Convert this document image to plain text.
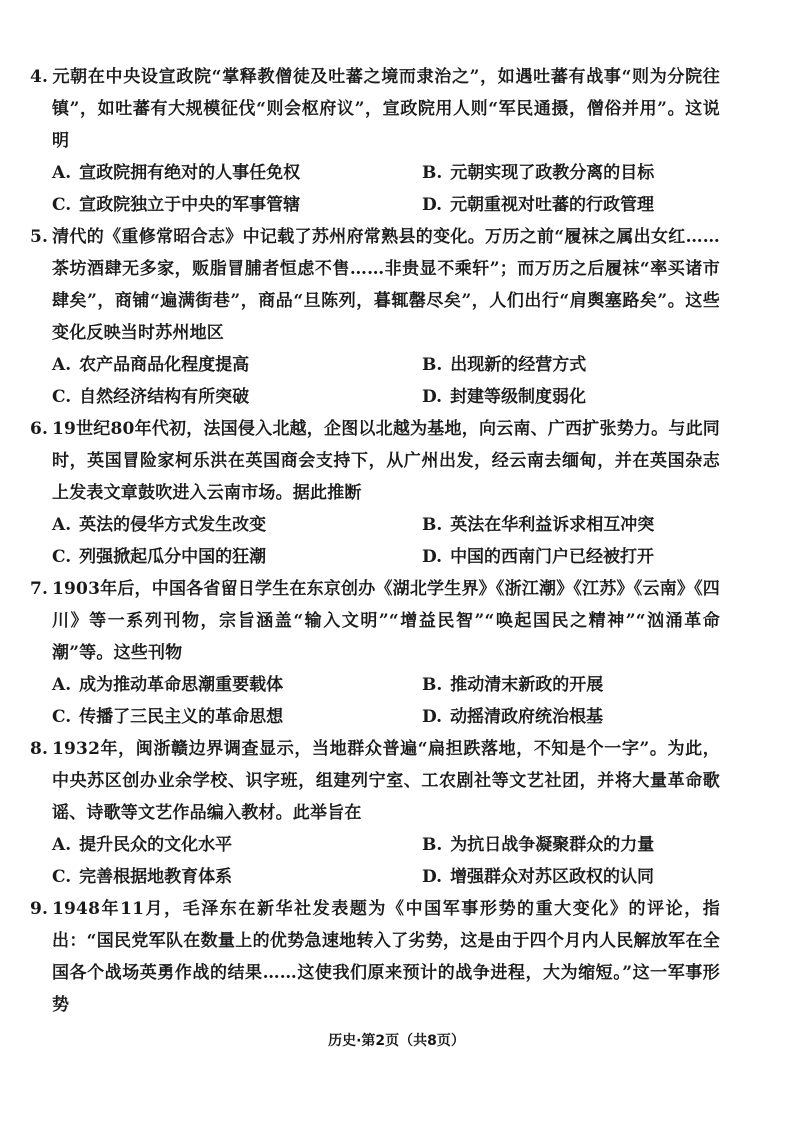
4. 元朝在中央设宣政院“掌释教僧徒及吐蕃之境而隶治之”，如遇吐蕃有战事“则为分院往镇”，如吐蕃有大规模征伐“则会枢府议”，宣政院用人则“军民通摄，僧俗并用”。这说明

A. 宣政院拥有绝对的人事任免权	B. 元朝实现了政教分离的目标
C. 宣政院独立于中央的军事管辖	D. 元朝重视对吐蕃的行政管理

5. 清代的《重修常昭合志》中记载了苏州府常熟县的变化。万历之前“履袜之属出女红……茶坊酒肆无多家，贩脂冒脯者恒虑不售……非贵显不乘轩”；而万历之后履袜“率买诸市肆矣”，商铺“遍满街巷”，商品“旦陈列，暮辄罄尽矣”，人们出行“肩舆塞路矣”。这些变化反映当时苏州地区

A. 农产品商品化程度提高	B. 出现新的经营方式
C. 自然经济结构有所突破	D. 封建等级制度弱化

6. 19世纪80年代初，法国侵入北越，企图以北越为基地，向云南、广西扩张势力。与此同时，英国冒险家柯乐洪在英国商会支持下，从广州出发，经云南去缅甸，并在英国杂志上发表文章鼓吹进入云南市场。据此推断

A. 英法的侵华方式发生改变	B. 英法在华利益诉求相互冲突
C. 列强掀起瓜分中国的狂潮	D. 中国的西南门户已经被打开

7. 1903年后，中国各省留日学生在东京创办《湖北学生界》《浙江潮》《江苏》《云南》《四川》等一系列刊物，宗旨涵盖“输入文明”“增益民智”“唤起国民之精神”“汹涌革命潮”等。这些刊物

A. 成为推动革命思潮重要载体	B. 推动清末新政的开展
C. 传播了三民主义的革命思想	D. 动摇清政府统治根基

8. 1932年，闽浙赣边界调查显示，当地群众普遍“扁担跌落地，不知是个一字”。为此，中央苏区创办业余学校、识字班，组建列宁室、工农剧社等文艺社团，并将大量革命歌谣、诗歌等文艺作品编入教材。此举旨在

A. 提升民众的文化水平	B. 为抗日战争凝聚群众的力量
C. 完善根据地教育体系	D. 增强群众对苏区政权的认同

9. 1948年11月，毛泽东在新华社发表题为《中国军事形势的重大变化》的评论，指出：“国民党军队在数量上的优势急速地转入了劣势，这是由于四个月内人民解放军在全国各个战场英勇作战的结果……这使我们原来预计的战争进程，大为缩短。”这一军事形势

历史·第2页（共8页）
